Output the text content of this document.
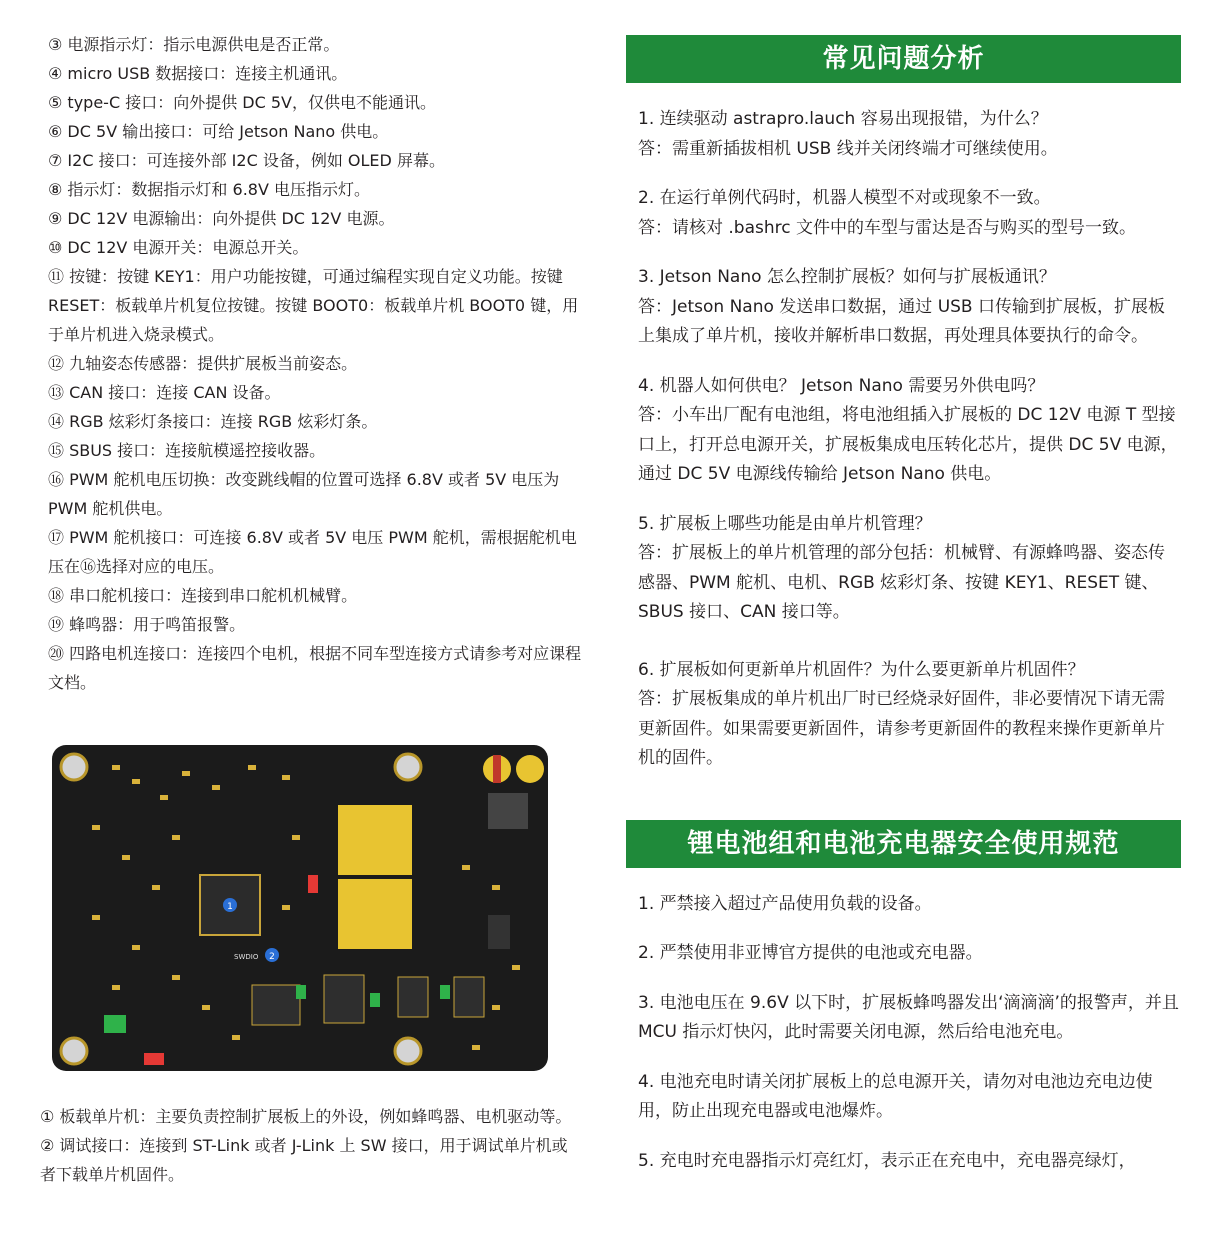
③ 电源指示灯：指示电源供电是否正常。

④ micro USB 数据接口：连接主机通讯。

⑤ type-C 接口：向外提供 DC 5V，仅供电不能通讯。

⑥ DC 5V 输出接口：可给 Jetson Nano 供电。

⑦ I2C 接口：可连接外部 I2C 设备，例如 OLED 屏幕。

⑧ 指示灯：数据指示灯和 6.8V 电压指示灯。

⑨ DC 12V 电源输出：向外提供 DC 12V 电源。

⑩ DC 12V 电源开关：电源总开关。

⑪ 按键：按键 KEY1：用户功能按键，可通过编程实现自定义功能。按键 RESET：板载单片机复位按键。按键 BOOT0：板载单片机 BOOT0 键，用于单片机进入烧录模式。

⑫ 九轴姿态传感器：提供扩展板当前姿态。

⑬ CAN 接口：连接 CAN 设备。

⑭ RGB 炫彩灯条接口：连接 RGB 炫彩灯条。

⑮ SBUS 接口：连接航模遥控接收器。

⑯ PWM 舵机电压切换：改变跳线帽的位置可选择 6.8V 或者 5V 电压为 PWM 舵机供电。

⑰ PWM 舵机接口：可连接 6.8V 或者 5V 电压 PWM 舵机，需根据舵机电压在⑯选择对应的电压。

⑱ 串口舵机接口：连接到串口舵机机械臂。

⑲ 蜂鸣器：用于鸣笛报警。

⑳ 四路电机连接口：连接四个电机，根据不同车型连接方式请参考对应课程文档。

1
2
SWDIO

① 板载单片机：主要负责控制扩展板上的外设，例如蜂鸣器、电机驱动等。

② 调试接口：连接到 ST-Link 或者 J-Link 上 SW 接口，用于调试单片机或者下载单片机固件。

常见问题分析

1. 连续驱动 astrapro.lauch 容易出现报错，为什么？

答：需重新插拔相机 USB 线并关闭终端才可继续使用。

2. 在运行单例代码时，机器人模型不对或现象不一致。

答：请核对 .bashrc 文件中的车型与雷达是否与购买的型号一致。

3. Jetson Nano 怎么控制扩展板？如何与扩展板通讯？

答：Jetson Nano 发送串口数据，通过 USB 口传输到扩展板，扩展板上集成了单片机，接收并解析串口数据，再处理具体要执行的命令。

4. 机器人如何供电？ Jetson Nano 需要另外供电吗？

答：小车出厂配有电池组，将电池组插入扩展板的 DC 12V 电源 T 型接口上，打开总电源开关，扩展板集成电压转化芯片，提供 DC 5V 电源，通过 DC 5V 电源线传输给 Jetson Nano 供电。

5. 扩展板上哪些功能是由单片机管理？

答：扩展板上的单片机管理的部分包括：机械臂、有源蜂鸣器、姿态传感器、PWM 舵机、电机、RGB 炫彩灯条、按键 KEY1、RESET 键、SBUS 接口、CAN 接口等。

6. 扩展板如何更新单片机固件？为什么要更新单片机固件？

答：扩展板集成的单片机出厂时已经烧录好固件，非必要情况下请无需更新固件。如果需要更新固件，请参考更新固件的教程来操作更新单片机的固件。

锂电池组和电池充电器安全使用规范

1. 严禁接入超过产品使用负载的设备。

2. 严禁使用非亚博官方提供的电池或充电器。

3. 电池电压在 9.6V 以下时，扩展板蜂鸣器发出‘滴滴滴’的报警声，并且 MCU 指示灯快闪，此时需要关闭电源，然后给电池充电。

4. 电池充电时请关闭扩展板上的总电源开关，请勿对电池边充电边使用，防止出现充电器或电池爆炸。

5. 充电时充电器指示灯亮红灯，表示正在充电中，充电器亮绿灯，
